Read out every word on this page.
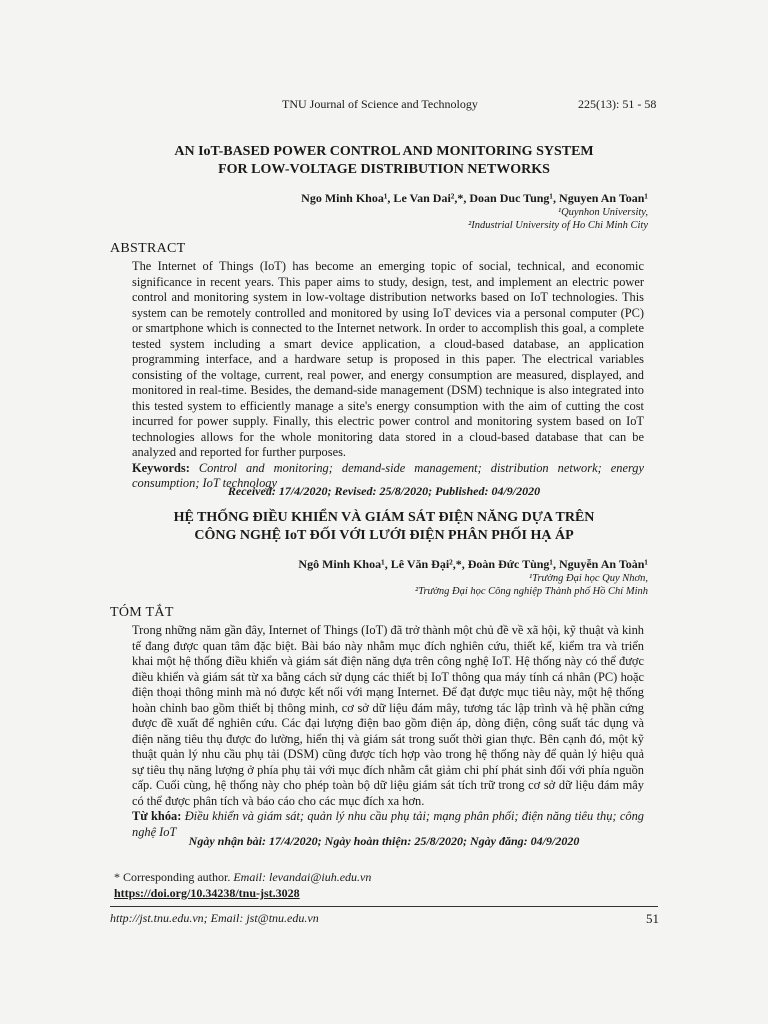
TNU Journal of Science and Technology	225(13): 51 - 58
AN IoT-BASED POWER CONTROL AND MONITORING SYSTEM
FOR LOW-VOLTAGE DISTRIBUTION NETWORKS
Ngo Minh Khoa¹, Le Van Dai²,*, Doan Duc Tung¹, Nguyen An Toan¹
¹Quynhon University,
²Industrial University of Ho Chi Minh City
ABSTRACT
The Internet of Things (IoT) has become an emerging topic of social, technical, and economic significance in recent years. This paper aims to study, design, test, and implement an electric power control and monitoring system in low-voltage distribution networks based on IoT technologies. This system can be remotely controlled and monitored by using IoT devices via a personal computer (PC) or smartphone which is connected to the Internet network. In order to accomplish this goal, a complete tested system including a smart device application, a cloud-based database, an application programming interface, and a hardware setup is proposed in this paper. The electrical variables consisting of the voltage, current, real power, and energy consumption are measured, displayed, and monitored in real-time. Besides, the demand-side management (DSM) technique is also integrated into this tested system to efficiently manage a site's energy consumption with the aim of cutting the cost incurred for power supply. Finally, this electric power control and monitoring system based on IoT technologies allows for the whole monitoring data stored in a cloud-based database that can be analyzed and reported for further purposes.
Keywords: Control and monitoring; demand-side management; distribution network; energy consumption; IoT technology
Received: 17/4/2020; Revised: 25/8/2020; Published: 04/9/2020
HỆ THỐNG ĐIỀU KHIỂN VÀ GIÁM SÁT ĐIỆN NĂNG DỰA TRÊN
CÔNG NGHỆ IoT ĐỐI VỚI LƯỚI ĐIỆN PHÂN PHỐI HẠ ÁP
Ngô Minh Khoa¹, Lê Văn Đại²,*, Đoàn Đức Tùng¹, Nguyễn An Toàn¹
¹Trường Đại học Quy Nhơn,
²Trường Đại học Công nghiệp Thành phố Hồ Chí Minh
TÓM TẮT
Trong những năm gần đây, Internet of Things (IoT) đã trở thành một chủ đề về xã hội, kỹ thuật và kinh tế đang được quan tâm đặc biệt. Bài báo này nhằm mục đích nghiên cứu, thiết kế, kiểm tra và triển khai một hệ thống điều khiển và giám sát điện năng dựa trên công nghệ IoT. Hệ thống này có thể được điều khiển và giám sát từ xa bằng cách sử dụng các thiết bị IoT thông qua máy tính cá nhân (PC) hoặc điện thoại thông minh mà nó được kết nối với mạng Internet. Để đạt được mục tiêu này, một hệ thống hoàn chỉnh bao gồm thiết bị thông minh, cơ sở dữ liệu đám mây, tương tác lập trình và hệ phần cứng được đề xuất để nghiên cứu. Các đại lượng điện bao gồm điện áp, dòng điện, công suất tác dụng và điện năng tiêu thụ được đo lường, hiển thị và giám sát trong suốt thời gian thực. Bên cạnh đó, một kỹ thuật quản lý nhu cầu phụ tải (DSM) cũng được tích hợp vào trong hệ thống này để quản lý hiệu quả sự tiêu thụ năng lượng ở phía phụ tải với mục đích nhằm cắt giảm chi phí phát sinh đối với phía nguồn cấp. Cuối cùng, hệ thống này cho phép toàn bộ dữ liệu giám sát tích trữ trong cơ sở dữ liệu đám mây có thể được phân tích và báo cáo cho các mục đích xa hơn.
Từ khóa: Điều khiển và giám sát; quản lý nhu cầu phụ tải; mạng phân phối; điện năng tiêu thụ; công nghệ IoT
Ngày nhận bài: 17/4/2020; Ngày hoàn thiện: 25/8/2020; Ngày đăng: 04/9/2020
* Corresponding author. Email: levandai@iuh.edu.vn
https://doi.org/10.34238/tnu-jst.3028
http://jst.tnu.edu.vn; Email: jst@tnu.edu.vn	51
